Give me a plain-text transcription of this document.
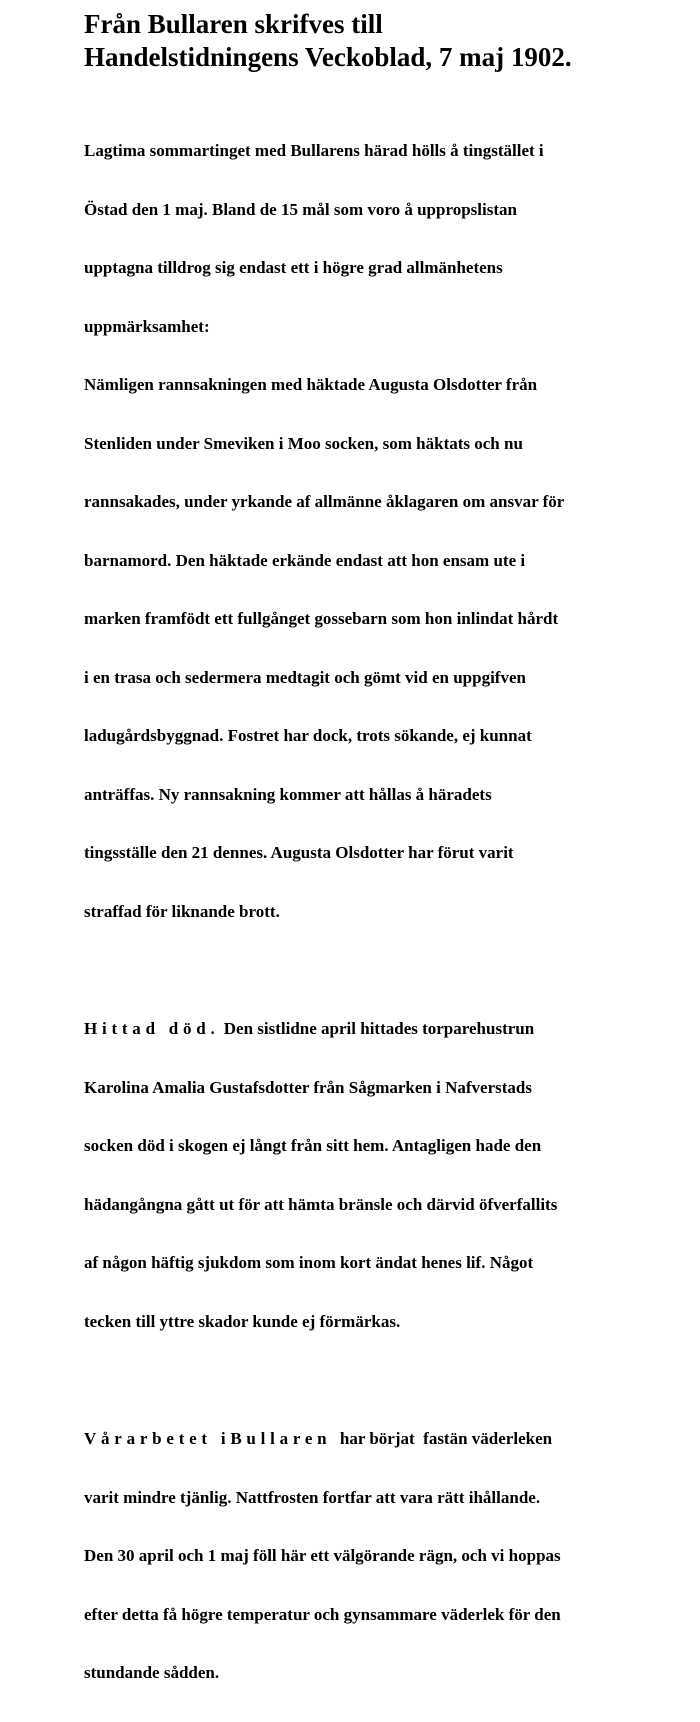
Från Bullaren skrifves till
Handelstidningens Veckoblad, 7 maj 1902.

Lagtima sommartinget med Bullarens härad hölls å tingstället i

Östad den 1 maj. Bland de 15 mål som voro å uppropslistan

upptagna tilldrog sig endast ett i högre grad allmänhetens

uppmärksamhet:

Nämligen rannsakningen med häktade Augusta Olsdotter från

Stenliden under Smeviken i Moo socken, som häktats och nu

rannsakades, under yrkande af allmänne åklagaren om ansvar för

barnamord. Den häktade erkände endast att hon ensam ute i

marken framfödt ett fullgånget gossebarn som hon inlindat hårdt

i en trasa och sedermera medtagit och gömt vid en uppgifven

ladugårdsbyggnad. Fostret har dock, trots sökande, ej kunnat

anträffas. Ny rannsakning kommer att hållas å häradets

tingsställe den 21 dennes. Augusta Olsdotter har förut varit

straffad för liknande brott.

Hittad död. Den sistlidne april hittades torparehustrun

Karolina Amalia Gustafsdotter från Sågmarken i Nafverstads

socken död i skogen ej långt från sitt hem. Antagligen hade den

hädangångna gått ut för att hämta bränsle och därvid öfverfallits

af någon häftig sjukdom som inom kort ändat henes lif. Något

tecken till yttre skador kunde ej förmärkas.

Vårarbetet iBullaren  har börjat  fastän väderleken

varit mindre tjänlig. Nattfrosten fortfar att vara rätt ihållande.

Den 30 april och 1 maj föll här ett välgörande rägn, och vi hoppas

efter detta få högre temperatur och gynsammare väderlek för den

stundande sådden.
